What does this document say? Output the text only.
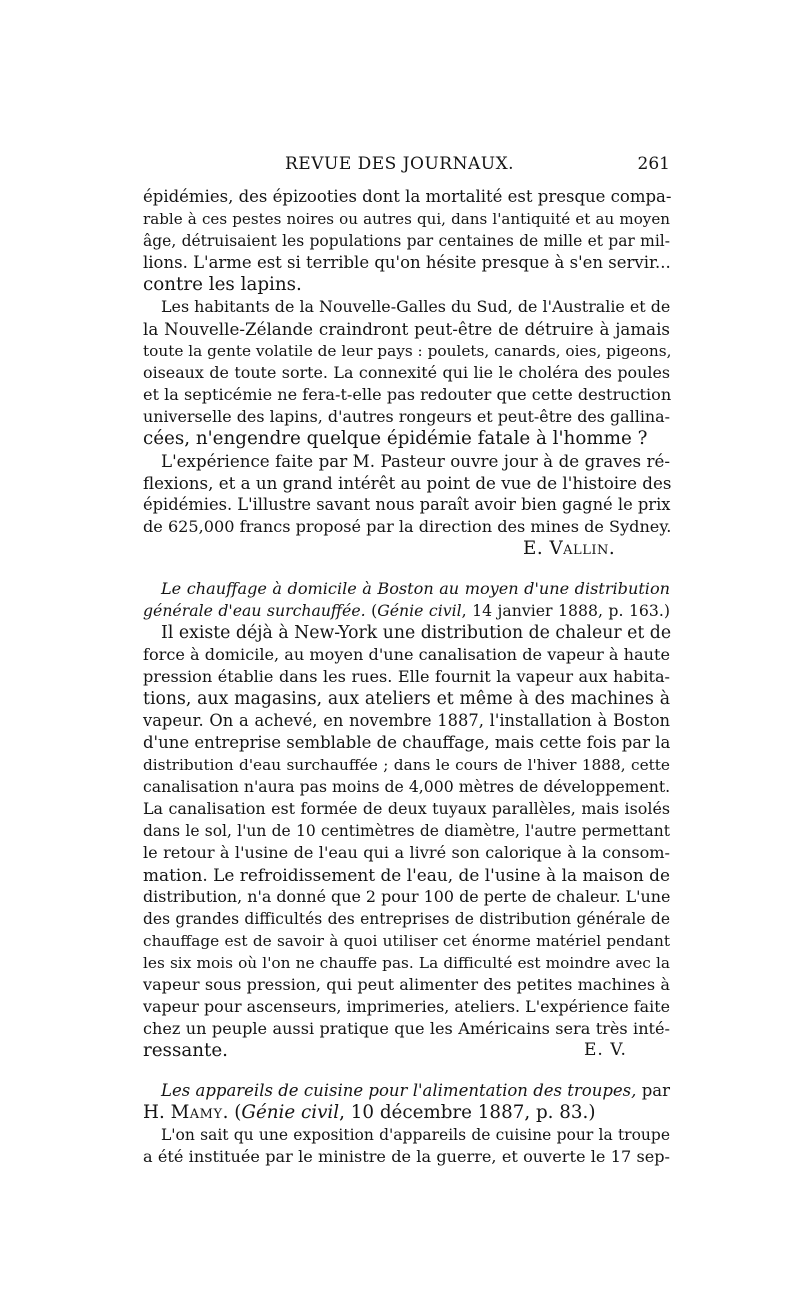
REVUE DES JOURNAUX.	261
épidémies, des épizooties dont la mortalité est presque compa-
rable à ces pestes noires ou autres qui, dans l'antiquité et au moyen
âge, détruisaient les populations par centaines de mille et par mil-
lions. L'arme est si terrible qu'on hésite presque à s'en servir...
contre les lapins.
Les habitants de la Nouvelle-Galles du Sud, de l'Australie et de
la Nouvelle-Zélande craindront peut-être de détruire à jamais
toute la gente volatile de leur pays : poulets, canards, oies, pigeons,
oiseaux de toute sorte. La connexité qui lie le choléra des poules
et la septicémie ne fera-t-elle pas redouter que cette destruction
universelle des lapins, d'autres rongeurs et peut-être des gallina-
cées, n'engendre quelque épidémie fatale à l'homme ?
L'expérience faite par M. Pasteur ouvre jour à de graves ré-
flexions, et a un grand intérêt au point de vue de l'histoire des
épidémies. L'illustre savant nous paraît avoir bien gagné le prix
de 625,000 francs proposé par la direction des mines de Sydney.
E. Vallin.
Le chauffage à domicile à Boston au moyen d'une distribution
générale d'eau surchauffée. (Génie civil, 14 janvier 1888, p. 163.)
Il existe déjà à New-York une distribution de chaleur et de
force à domicile, au moyen d'une canalisation de vapeur à haute
pression établie dans les rues. Elle fournit la vapeur aux habita-
tions, aux magasins, aux ateliers et même à des machines à
vapeur. On a achevé, en novembre 1887, l'installation à Boston
d'une entreprise semblable de chauffage, mais cette fois par la
distribution d'eau surchauffée ; dans le cours de l'hiver 1888, cette
canalisation n'aura pas moins de 4,000 mètres de développement.
La canalisation est formée de deux tuyaux parallèles, mais isolés
dans le sol, l'un de 10 centimètres de diamètre, l'autre permettant
le retour à l'usine de l'eau qui a livré son calorique à la consom-
mation. Le refroidissement de l'eau, de l'usine à la maison de
distribution, n'a donné que 2 pour 100 de perte de chaleur. L'une
des grandes difficultés des entreprises de distribution générale de
chauffage est de savoir à quoi utiliser cet énorme matériel pendant
les six mois où l'on ne chauffe pas. La difficulté est moindre avec la
vapeur sous pression, qui peut alimenter des petites machines à
vapeur pour ascenseurs, imprimeries, ateliers. L'expérience faite
chez un peuple aussi pratique que les Américains sera très inté-
ressante.	E. V.
Les appareils de cuisine pour l'alimentation des troupes, par
H. Mamy. (Génie civil, 10 décembre 1887, p. 83.)
L'on sait qu une exposition d'appareils de cuisine pour la troupe
a été instituée par le ministre de la guerre, et ouverte le 17 sep-
